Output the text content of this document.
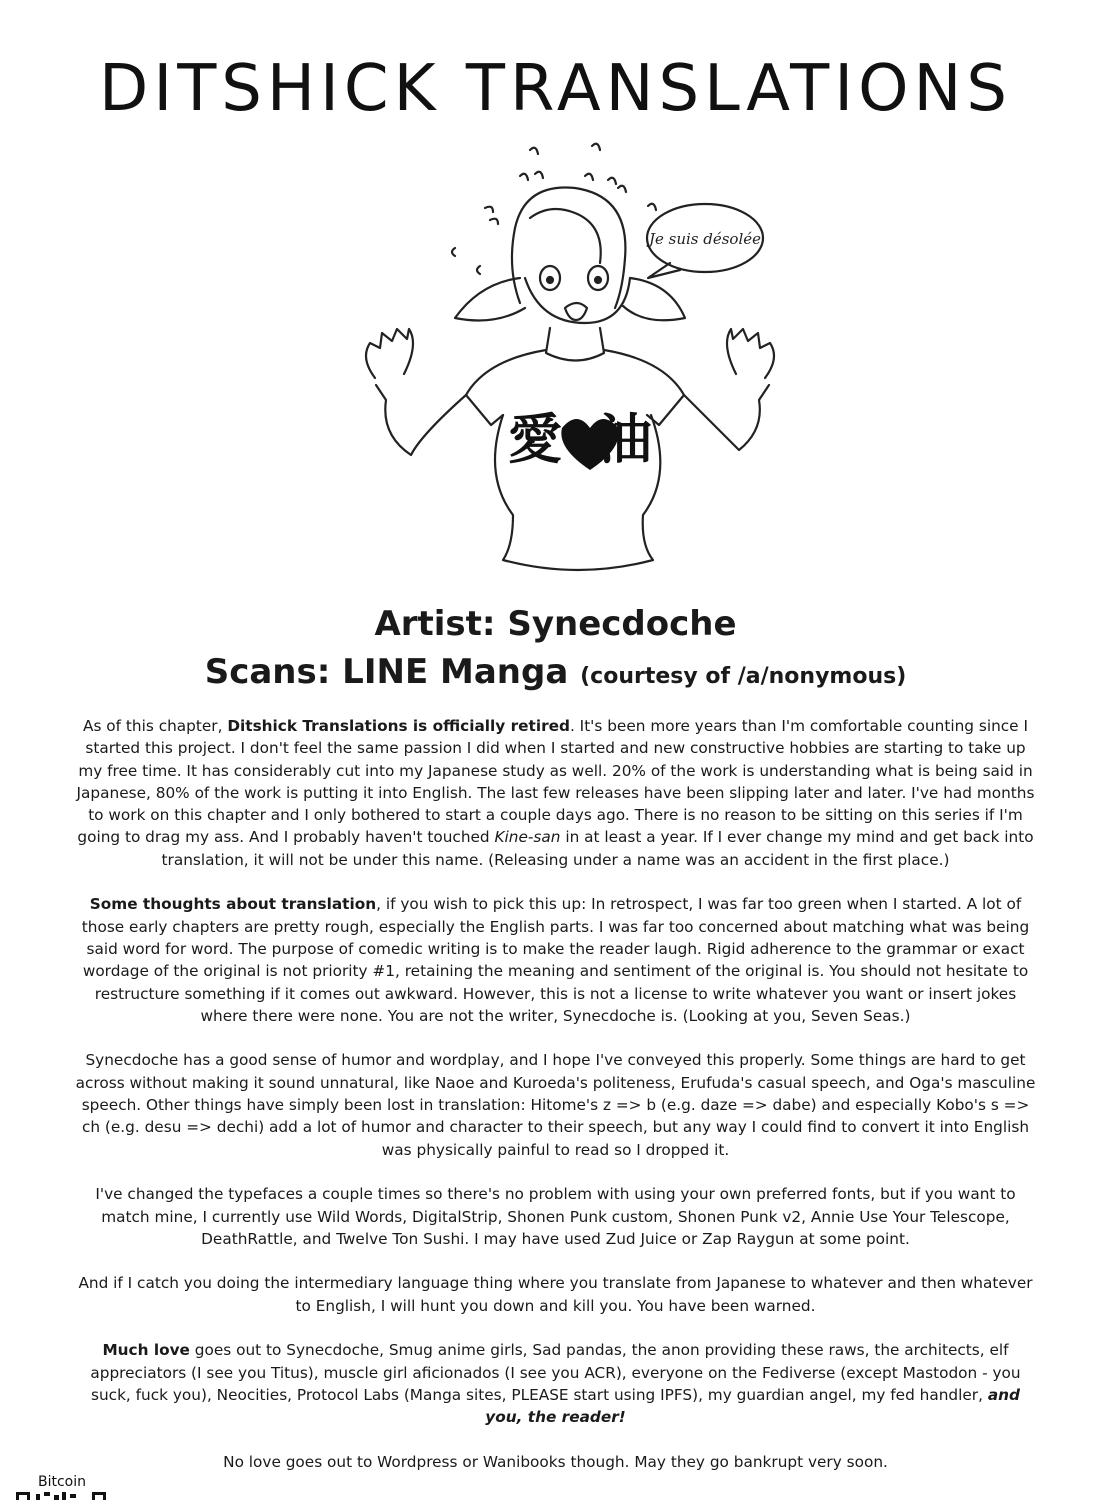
DITSHICK TRANSLATIONS
愛 油
Je suis désolée
Artist: Synecdoche
Scans: LINE Manga (courtesy of /a/nonymous)

As of this chapter, Ditshick Translations is officially retired. It's been more years than I'm comfortable counting since I started this project. I don't feel the same passion I did when I started and new constructive hobbies are starting to take up my free time. It has considerably cut into my Japanese study as well. 20% of the work is understanding what is being said in Japanese, 80% of the work is putting it into English. The last few releases have been slipping later and later. I've had months to work on this chapter and I only bothered to start a couple days ago. There is no reason to be sitting on this series if I'm going to drag my ass. And I probably haven't touched Kine-san in at least a year. If I ever change my mind and get back into translation, it will not be under this name. (Releasing under a name was an accident in the first place.)

Some thoughts about translation, if you wish to pick this up: In retrospect, I was far too green when I started. A lot of those early chapters are pretty rough, especially the English parts. I was far too concerned about matching what was being said word for word. The purpose of comedic writing is to make the reader laugh. Rigid adherence to the grammar or exact wordage of the original is not priority #1, retaining the meaning and sentiment of the original is. You should not hesitate to restructure something if it comes out awkward. However, this is not a license to write whatever you want or insert jokes where there were none. You are not the writer, Synecdoche is. (Looking at you, Seven Seas.)

Synecdoche has a good sense of humor and wordplay, and I hope I've conveyed this properly. Some things are hard to get across without making it sound unnatural, like Naoe and Kuroeda's politeness, Erufuda's casual speech, and Oga's masculine speech. Other things have simply been lost in translation: Hitome's z => b (e.g. daze => dabe) and especially Kobo's s => ch (e.g. desu => dechi) add a lot of humor and character to their speech, but any way I could find to convert it into English was physically painful to read so I dropped it.

I've changed the typefaces a couple times so there's no problem with using your own preferred fonts, but if you want to match mine, I currently use Wild Words, DigitalStrip, Shonen Punk custom, Shonen Punk v2, Annie Use Your Telescope, DeathRattle, and Twelve Ton Sushi. I may have used Zud Juice or Zap Raygun at some point.

And if I catch you doing the intermediary language thing where you translate from Japanese to whatever and then whatever to English, I will hunt you down and kill you. You have been warned.

Much love goes out to Synecdoche, Smug anime girls, Sad pandas, the anon providing these raws, the architects, elf appreciators (I see you Titus), muscle girl aficionados (I see you ACR), everyone on the Fediverse (except Mastodon - you suck, fuck you), Neocities, Protocol Labs (Manga sites, PLEASE start using IPFS), my guardian angel, my fed handler, and you, the reader!

No love goes out to Wordpress or Wanibooks though. May they go bankrupt very soon.

Bitcoin
